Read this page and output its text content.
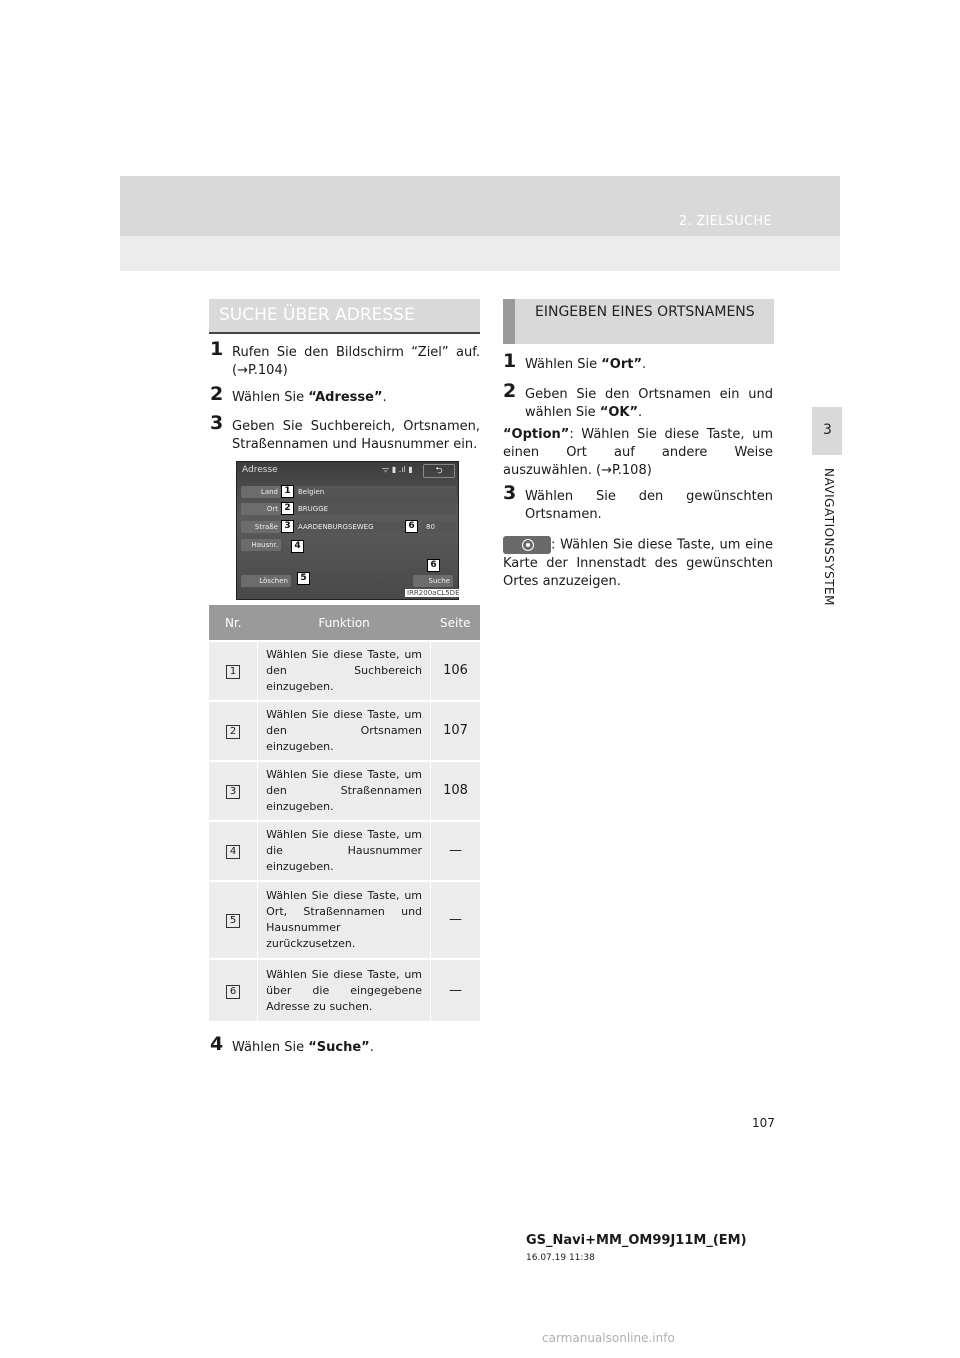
2. ZIELSUCHE
3
NAVIGATIONSSYSTEM
SUCHE ÜBER ADRESSE
1 Rufen Sie den Bildschirm “Ziel” auf. (→P.104)
2 Wählen Sie “Adresse”.
3 Geben Sie Suchbereich, Ortsnamen, Straßennamen und Hausnummer ein.
Adresse	ᯤ ▮ .ıl ▮	⮌
Land	Belgien
Ort	BRUGGE
Straße	AARDENBURGSEWEG	80
Hausnr.
Löschen	Suche
1
2
3
4
5
6
6
IRR200aCL5DE
Nr.	Funktion	Seite
1	Wählen Sie diese Taste, um den Suchbereich einzugeben.	106
2	Wählen Sie diese Taste, um den Ortsnamen einzugeben.	107
3	Wählen Sie diese Taste, um den Straßennamen einzugeben.	108
4	Wählen Sie diese Taste, um die Hausnummer einzugeben.	—
5	Wählen Sie diese Taste, um Ort, Straßennamen und Hausnummer zurückzusetzen.	—
6	Wählen Sie diese Taste, um über die eingegebene Adresse zu suchen.	—
4 Wählen Sie “Suche”.
EINGEBEN EINES ORTSNAMENS
1 Wählen Sie “Ort”.
2 Geben Sie den Ortsnamen ein und wählen Sie “OK”.
“Option”: Wählen Sie diese Taste, um einen Ort auf andere Weise auszuwählen. (→P.108)
3 Wählen Sie den gewünschten Ortsnamen.
: Wählen Sie diese Taste, um eine Karte der Innenstadt des gewünschten Ortes anzuzeigen.
107
GS_Navi+MM_OM99J11M_(EM)
16.07.19 11:38
carmanualsonline.info
